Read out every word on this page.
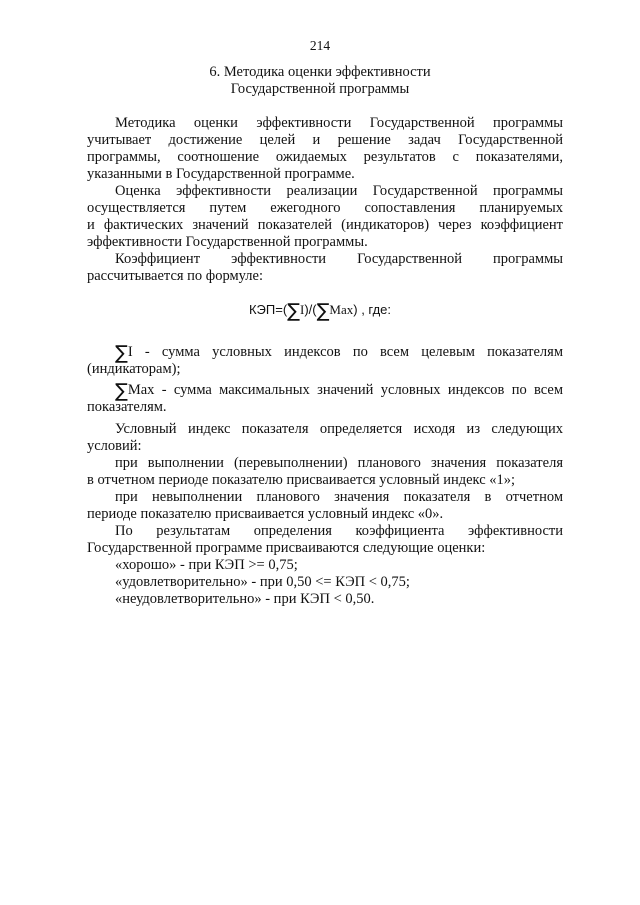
214
6. Методика оценки эффективности
Государственной программы
Методика оценки эффективности Государственной программы
учитывает достижение целей и решение задач Государственной
программы, соотношение ожидаемых результатов с показателями,
указанными в Государственной программе.
Оценка эффективности реализации Государственной программы
осуществляется путем ежегодного сопоставления планируемых
и фактических значений показателей (индикаторов) через коэффициент
эффективности Государственной программы.
Коэффициент эффективности Государственной программы
рассчитывается по формуле:
КЭП=(∑I)/(∑Max) , где:
∑I - сумма условных индексов по всем целевым показателям
(индикаторам);
∑Max - сумма максимальных значений условных индексов по всем
показателям.
Условный индекс показателя определяется исходя из следующих
условий:
при выполнении (перевыполнении) планового значения показателя
в отчетном периоде показателю присваивается условный индекс «1»;
при невыполнении планового значения показателя в отчетном
периоде показателю присваивается условный индекс «0».
По результатам определения коэффициента эффективности
Государственной программе присваиваются следующие оценки:
«хорошо» - при КЭП >= 0,75;
«удовлетворительно» - при 0,50 <= КЭП < 0,75;
«неудовлетворительно» - при КЭП < 0,50.
